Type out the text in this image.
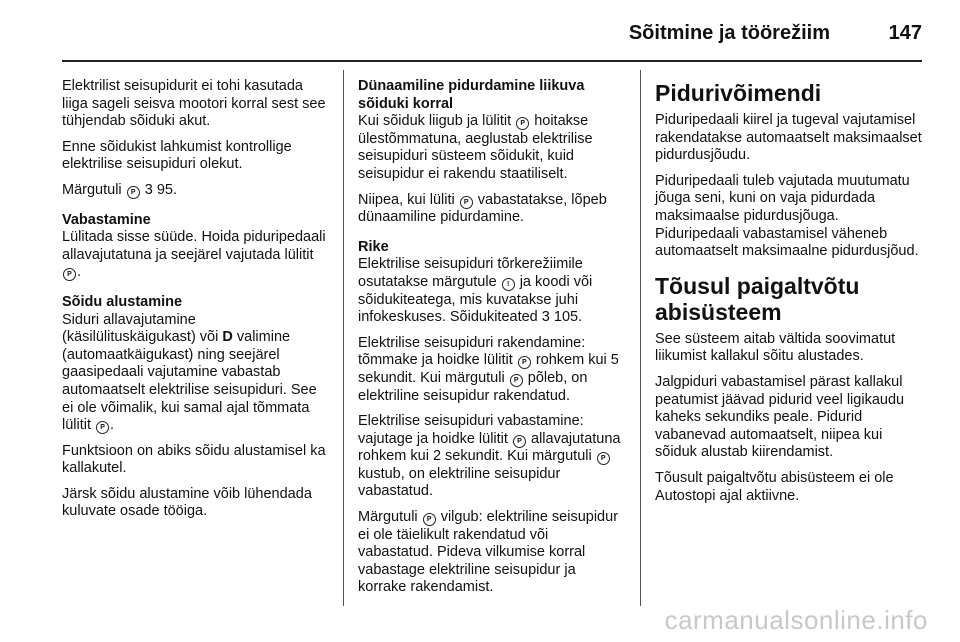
Sõitmine ja töörežiim	147

Elektrilist seisupidurit ei tohi kasutada liiga sageli seisva mootori korral sest see tühjendab sõiduki akut.

Enne sõidukist lahkumist kontrollige elektrilise seisupiduri olekut.

Märgutuli P 3 95.

Vabastamine

Lülitada sisse süüde. Hoida piduripedaali allavajutatuna ja seejärel vajutada lülitit P .

Sõidu alustamine

Siduri allavajutamine (käsilülituskäigukast) või D valimine (automaatkäigukast) ning seejärel gaasipedaali vajutamine vabastab automaatselt elektrilise seisupiduri. See ei ole võimalik, kui samal ajal tõmmata lülitit P .

Funktsioon on abiks sõidu alustamisel ka kallakutel.

Järsk sõidu alustamine võib lühendada kuluvate osade tööiga.

Dünaamiline pidurdamine liikuva sõiduki korral

Kui sõiduk liigub ja lülitit P hoitakse ülestõmmatuna, aeglustab elektrilise seisupiduri süsteem sõidukit, kuid seisupidur ei rakendu staatiliselt.

Niipea, kui lüliti P vabastatakse, lõpeb dünaamiline pidurdamine.

Rike

Elektrilise seisupiduri tõrkerežiimile osutatakse märgutule ! ja koodi või sõidukiteatega, mis kuvatakse juhi infokeskuses. Sõidukiteated 3 105.

Elektrilise seisupiduri rakendamine: tõmmake ja hoidke lülitit P rohkem kui 5 sekundit. Kui märgutuli P põleb, on elektriline seisupidur rakendatud.

Elektrilise seisupiduri vabastamine: vajutage ja hoidke lülitit P allavajutatuna rohkem kui 2 sekundit. Kui märgutuli P kustub, on elektriline seisupidur vabastatud.

Märgutuli P vilgub: elektriline seisupidur ei ole täielikult rakendatud või vabastatud. Pideva vilkumise korral vabastage elektriline seisupidur ja korrake rakendamist.

Pidurivõimendi

Piduripedaali kiirel ja tugeval vajutamisel rakendatakse automaatselt maksimaalset pidurdusjõudu.

Piduripedaali tuleb vajutada muutumatu jõuga seni, kuni on vaja pidurdada maksimaalse pidurdusjõuga. Piduripedaali vabastamisel väheneb automaatselt maksimaalne pidurdusjõud.

Tõusul paigaltvõtu abisüsteem

See süsteem aitab vältida soovimatut liikumist kallakul sõitu alustades.

Jalgpiduri vabastamisel pärast kallakul peatumist jäävad pidurid veel ligikaudu kaheks sekundiks peale. Pidurid vabanevad automaatselt, niipea kui sõiduk alustab kiirendamist.

Tõusult paigaltvõtu abisüsteem ei ole Autostopi ajal aktiivne.

carmanualsonline.info
